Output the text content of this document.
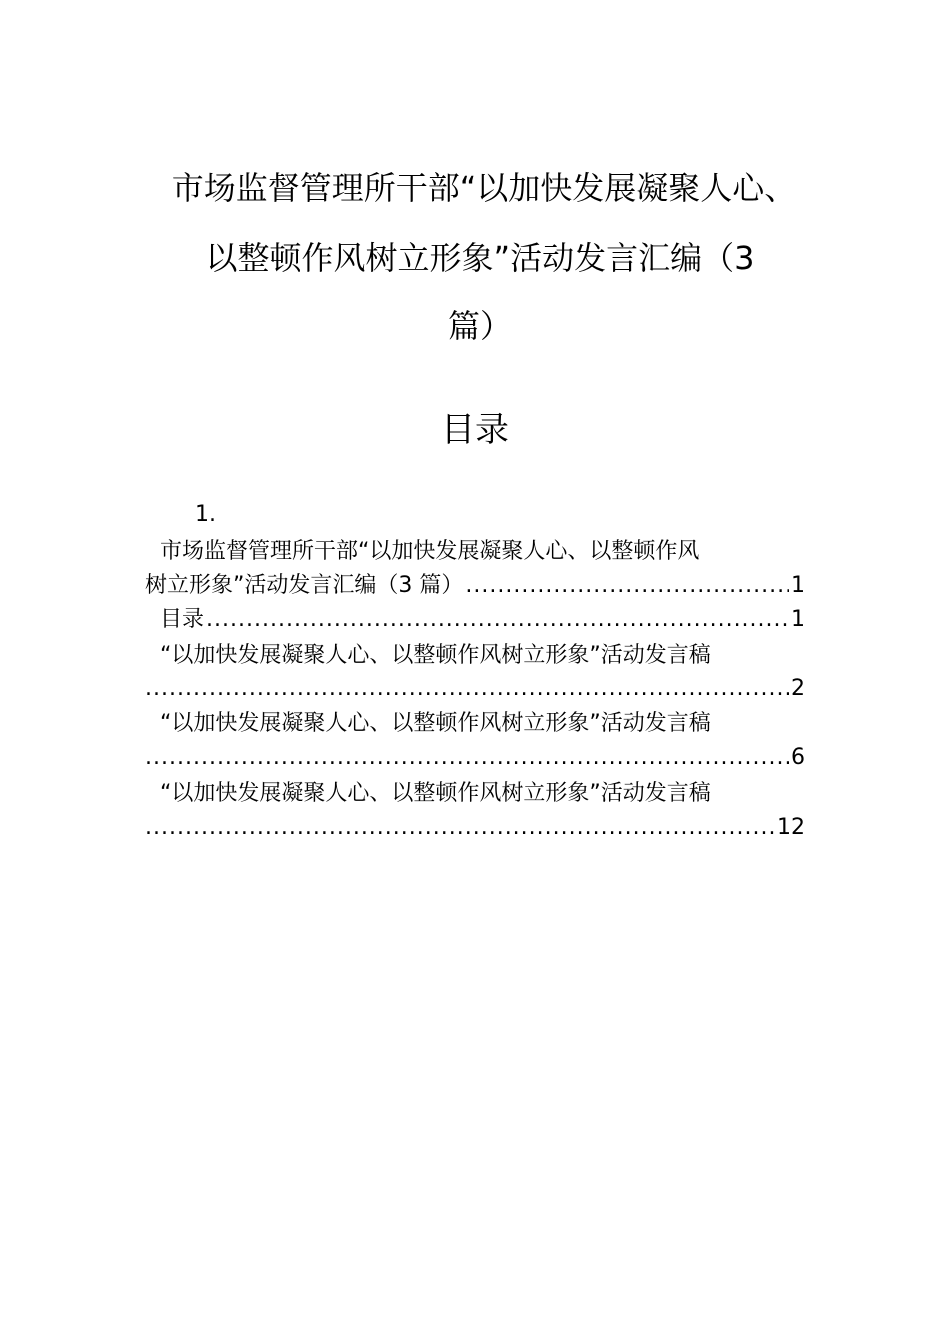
市场监督管理所干部“以加快发展凝聚人心、
以整顿作风树立形象”活动发言汇编（3
篇）
目录
1.
市场监督管理所干部“以加快发展凝聚人心、以整顿作风
树立形象”活动发言汇编（3 篇） .....	1
目录 .....	1
“以加快发展凝聚人心、以整顿作风树立形象”活动发言稿
.....
2
“以加快发展凝聚人心、以整顿作风树立形象”活动发言稿
.....
6
“以加快发展凝聚人心、以整顿作风树立形象”活动发言稿
.....
12
